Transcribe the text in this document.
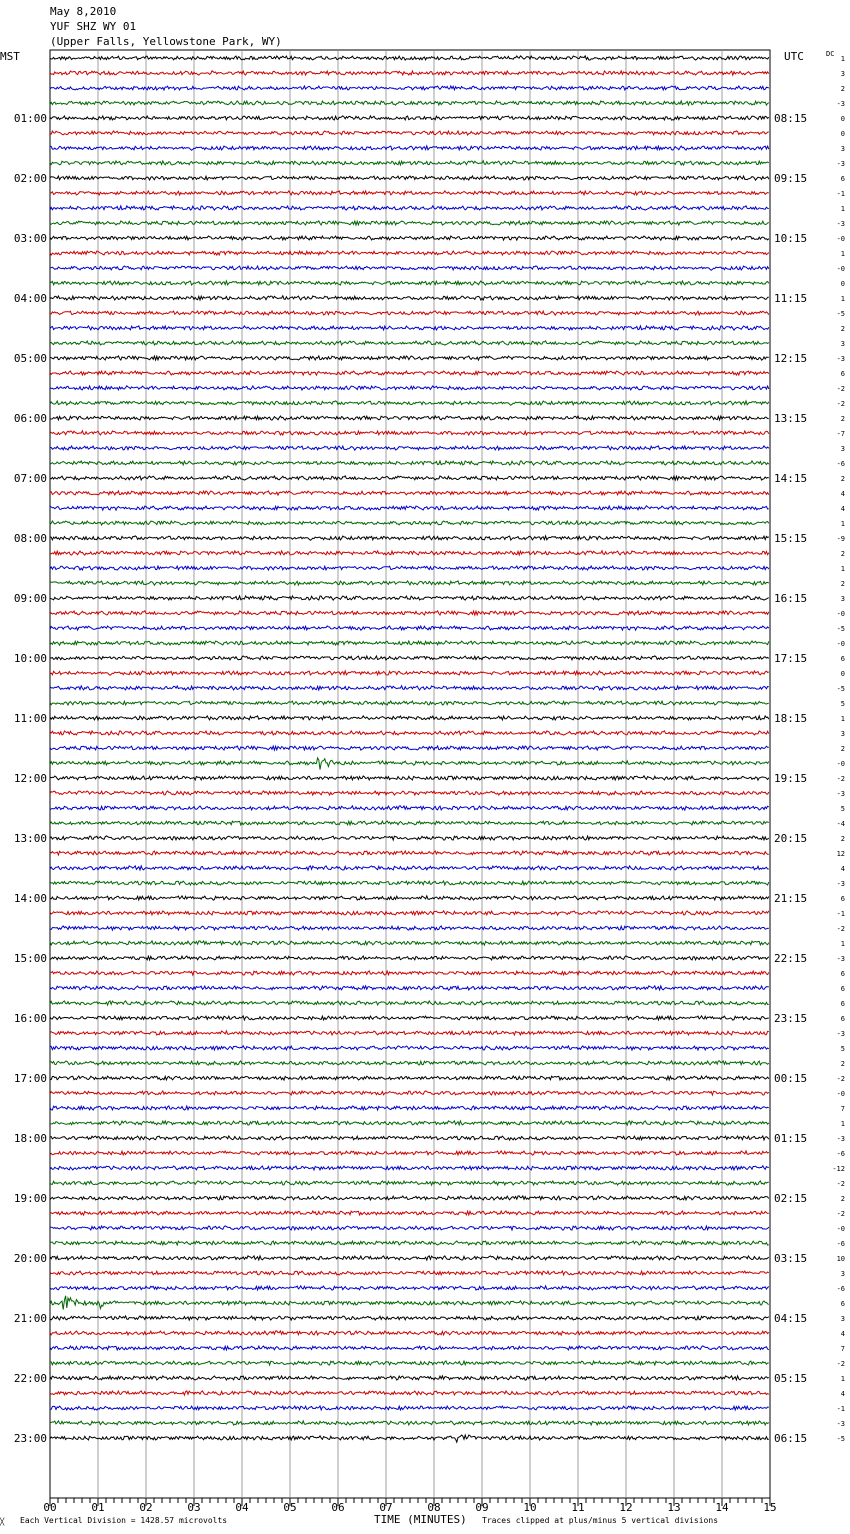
May 8,2010
YUF SHZ WY 01
(Upper Falls, Yellowstone Park, WY)
MST	UTC	DC
╳ Each Vertical Division = 1428.57 microvolts	TIME (MINUTES) Traces clipped at plus/minus 5 vertical divisions
00	01	02	03	04	05	06	07	08	09	10	11	12	13	14	15
1
3
2
-3
0
0
3
-3
6
-1
1
-3
-0
1
-0
0
1
-5
2
3
-3
6
-2
-2
2
-7
3
-6
2
4
4
1
-9
2
1
2
3
-0
-5
-0
6
0
-5
5
1
3
2
-0
-2
-3
5
-4
2
12
4
-3
6
-1
-2
1
-3
6
6
6
6
-3
5
2
-2
-0
7
1
-3
-6
-12
-2
2
-2
-0
-6
10
3
-6
6
3
4
7
-2
1
4
-1
-3
-5
01:00	08:15
02:00	09:15
03:00	10:15
04:00	11:15
05:00	12:15
06:00	13:15
07:00	14:15
08:00	15:15
09:00	16:15
10:00	17:15
11:00	18:15
12:00	19:15
13:00	20:15
14:00	21:15
15:00	22:15
16:00	23:15
17:00	00:15
18:00	01:15
19:00	02:15
20:00	03:15
21:00	04:15
22:00	05:15
23:00	06:15
